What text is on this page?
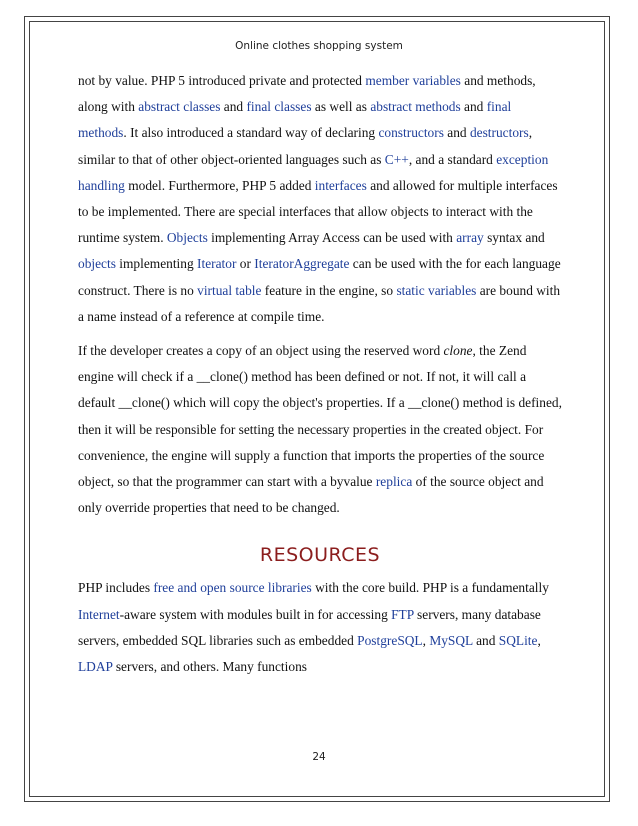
Online clothes shopping system

not by value. PHP 5 introduced private and protected member variables and methods, along with abstract classes and final classes as well as abstract methods and final methods. It also introduced a standard way of declaring constructors and destructors, similar to that of other object-oriented languages such as C++, and a standard exception handling model. Furthermore, PHP 5 added interfaces and allowed for multiple interfaces to be implemented. There are special interfaces that allow objects to interact with the runtime system. Objects implementing Array Access can be used with array syntax and objects implementing Iterator or IteratorAggregate can be used with the for each language construct. There is no virtual table feature in the engine, so static variables are bound with a name instead of a reference at compile time.

If the developer creates a copy of an object using the reserved word clone, the Zend engine will check if a __clone() method has been defined or not. If not, it will call a default __clone() which will copy the object's properties. If a __clone() method is defined, then it will be responsible for setting the necessary properties in the created object. For convenience, the engine will supply a function that imports the properties of the source object, so that the programmer can start with a byvalue replica of the source object and only override properties that need to be changed.

RESOURCES

PHP includes free and open source libraries with the core build. PHP is a fundamentally Internet-aware system with modules built in for accessing FTP servers, many database servers, embedded SQL libraries such as embedded PostgreSQL, MySQL and SQLite, LDAP servers, and others. Many functions

24
